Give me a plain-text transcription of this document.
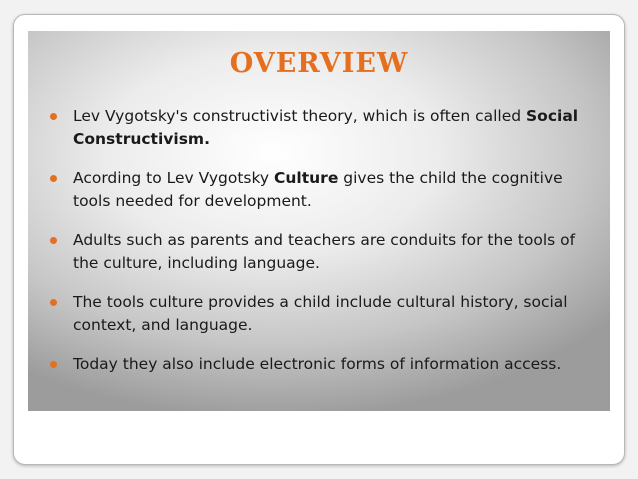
OVERVIEW
Lev Vygotsky's constructivist theory, which is often called Social Constructivism.
Acording to Lev Vygotsky Culture gives the child the cognitive tools needed for development.
Adults such as parents and teachers are conduits for the tools of the culture, including language.
The tools culture provides a child include cultural history, social context, and language.
Today they also include electronic forms of information access.
